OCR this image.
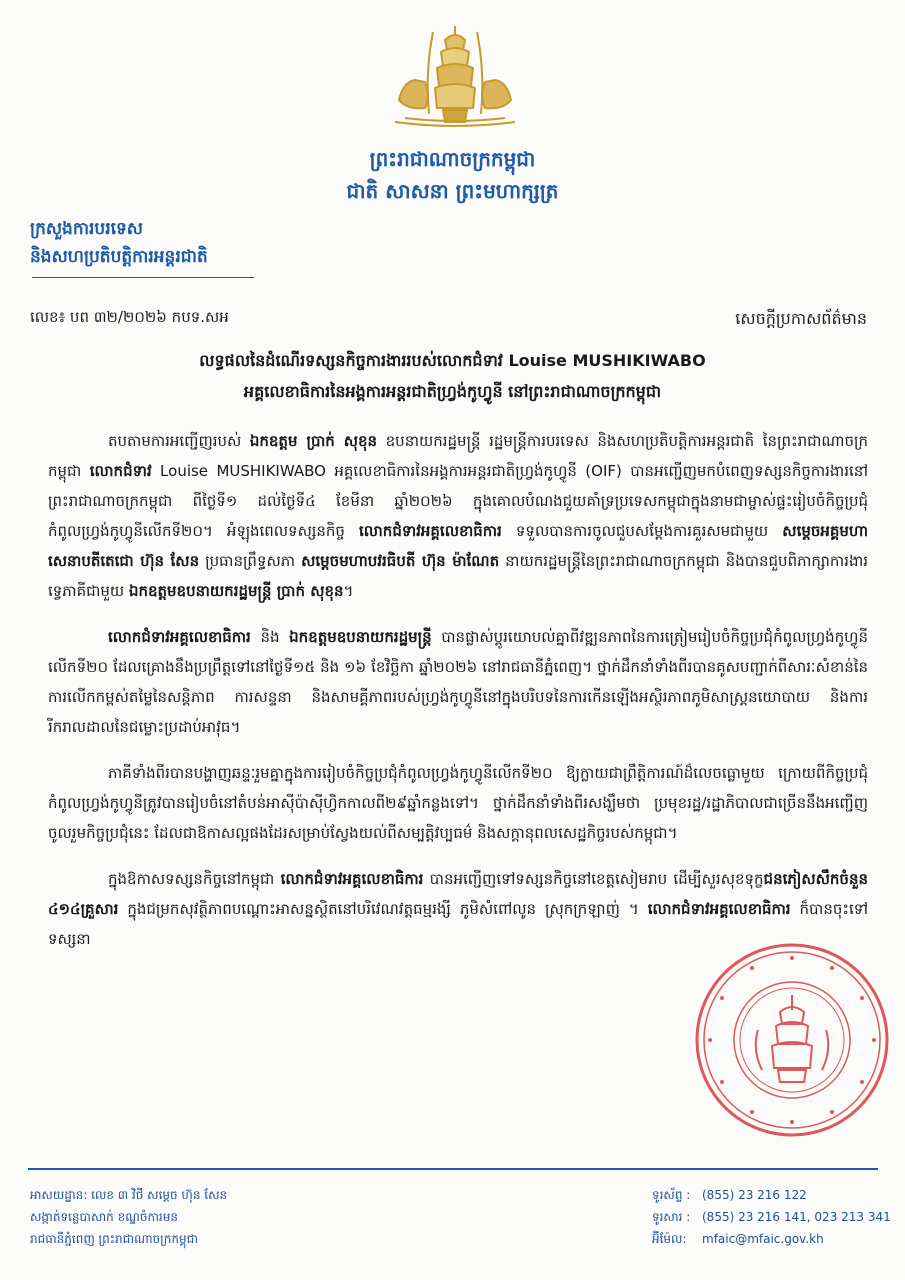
ព្រះរាជាណាចក្រកម្ពុជា
ជាតិ សាសនា ព្រះមហាក្សត្រ
ក្រសួងការបរទេស
និងសហប្រតិបត្តិការអន្តរជាតិ
លេខ៖ បព ៣២/២០២៦ កបទ.សអ	សេចក្តីប្រកាសព័ត៌មាន
លទ្ធផលនៃដំណើរទស្សនកិច្ចការងាររបស់លោកជំទាវ Louise MUSHIKIWABO
អគ្គលេខាធិការនៃអង្គការអន្តរជាតិហ្វ្រង់កូហ្វូនី នៅព្រះរាជាណាចក្រកម្ពុជា

តបតាមការអញ្ជើញរបស់ ឯកឧត្តម ប្រាក់ សុខុន ឧបនាយករដ្ឋមន្ត្រី រដ្ឋមន្ត្រីការបរទេស និងសហប្រតិបត្តិការអន្តរជាតិ នៃព្រះរាជាណាចក្រកម្ពុជា លោកជំទាវ Louise MUSHIKIWABO អគ្គលេខាធិការនៃអង្គការអន្តរជាតិហ្វ្រង់កូហ្វូនី (OIF) បានអញ្ជើញមកបំពេញទស្សនកិច្ចការងារនៅព្រះរាជាណាចក្រកម្ពុជា ពីថ្ងៃទី១ ដល់ថ្ងៃទី៤ ខែមីនា ឆ្នាំ២០២៦ ក្នុងគោលបំណងជួយគាំទ្រប្រទេសកម្ពុជាក្នុងនាមជាម្ចាស់ផ្ទះរៀបចំកិច្ចប្រជុំកំពូលហ្វ្រង់កូហ្វូនីលើកទី២០។ អំឡុងពេលទស្សនកិច្ច លោកជំទាវអគ្គលេខាធិការ ទទួលបានការចូលជួបសម្តែងការគួរសមជាមួយ សម្តេចអគ្គមហាសេនាបតីតេជោ ហ៊ុន សែន ប្រធានព្រឹទ្ធសភា សម្តេចមហាបវរធិបតី ហ៊ុន ម៉ាណែត នាយករដ្ឋមន្ត្រីនៃព្រះរាជាណាចក្រកម្ពុជា និងបានជួបពិភាក្សាការងារទ្វេភាគីជាមួយ ឯកឧត្តមឧបនាយករដ្ឋមន្ត្រី ប្រាក់ សុខុន។

លោកជំទាវអគ្គលេខាធិការ និង ឯកឧត្តមឧបនាយករដ្ឋមន្ត្រី បានផ្លាស់ប្តូរយោបល់គ្នាពីវឌ្ឍនភាពនៃការត្រៀមរៀបចំកិច្ចប្រជុំកំពូលហ្វ្រង់កូហ្វូនីលើកទី២០ ដែលគ្រោងនឹងប្រព្រឹត្តទៅនៅថ្ងៃទី១៥ និង ១៦ ខែវិច្ឆិកា ឆ្នាំ២០២៦ នៅរាជធានីភ្នំពេញ។ ថ្នាក់ដឹកនាំទាំងពីរបានគូសបញ្ជាក់ពីសារៈសំខាន់នៃការលើកកម្ពស់តម្លៃនៃសន្តិភាព ការសន្ទនា និងសាមគ្គីភាពរបស់ហ្វ្រង់កូហ្វូនីនៅក្នុងបរិបទនៃការកើនឡើងអស្ថិរភាពភូមិសាស្ត្រនយោបាយ និងការរីករាលដាលនៃជម្លោះប្រដាប់អាវុធ។

ភាគីទាំងពីរបានបង្ហាញឆន្ទៈរួមគ្នាក្នុងការរៀបចំកិច្ចប្រជុំកំពូលហ្វ្រង់កូហ្វូនីលើកទី២០ ឱ្យក្លាយជាព្រឹត្តិការណ៍ដ៏លេចធ្លោមួយ ក្រោយពីកិច្ចប្រជុំកំពូលហ្វ្រង់កូហ្វូនីត្រូវបានរៀបចំនៅតំបន់អាស៊ីប៉ាស៊ីហ្វិកកាលពី២៩ឆ្នាំកន្លងទៅ។ ថ្នាក់ដឹកនាំទាំងពីរសង្ឃឹមថា ប្រមុខរដ្ឋ/រដ្ឋាភិបាលជាច្រើននឹងអញ្ជើញចូលរួមកិច្ចប្រជុំនេះ ដែលជាឱកាសល្អផងដែរសម្រាប់ស្វែងយល់ពីសម្បត្តិវប្បធម៌ និងសក្តានុពលសេដ្ឋកិច្ចរបស់កម្ពុជា។

ក្នុងឱកាសទស្សនកិច្ចនៅកម្ពុជា លោកជំទាវអគ្គលេខាធិការ បានអញ្ជើញទៅទស្សនកិច្ចនៅខេត្តសៀមរាប ដើម្បីសួរសុខទុក្ខជនភៀសសឹកចំនួន ៤១៤គ្រួសារ ក្នុងជម្រកសុវត្ថិភាពបណ្តោះអាសន្នស្ថិតនៅបរិវេណវត្តធម្មរង្សី ភូមិសំពៅលូន ស្រុកក្រឡាញ់ ។ លោកជំទាវអគ្គលេខាធិការ ក៏បានចុះទៅទស្សនា

អាសយដ្ឋាន: លេខ ៣ វិថី សម្តេច ហ៊ុន សែន
សង្កាត់ទន្លេបាសាក់ ខណ្ឌចំការមន
រាជធានីភ្នំពេញ ព្រះរាជាណាចក្រកម្ពុជា
ទូរស័ព្ទ : (855) 23 216 122
ទូរសារ : (855) 23 216 141, 023 213 341
អ៊ីម៉ែល: mfaic@mfaic.gov.kh
